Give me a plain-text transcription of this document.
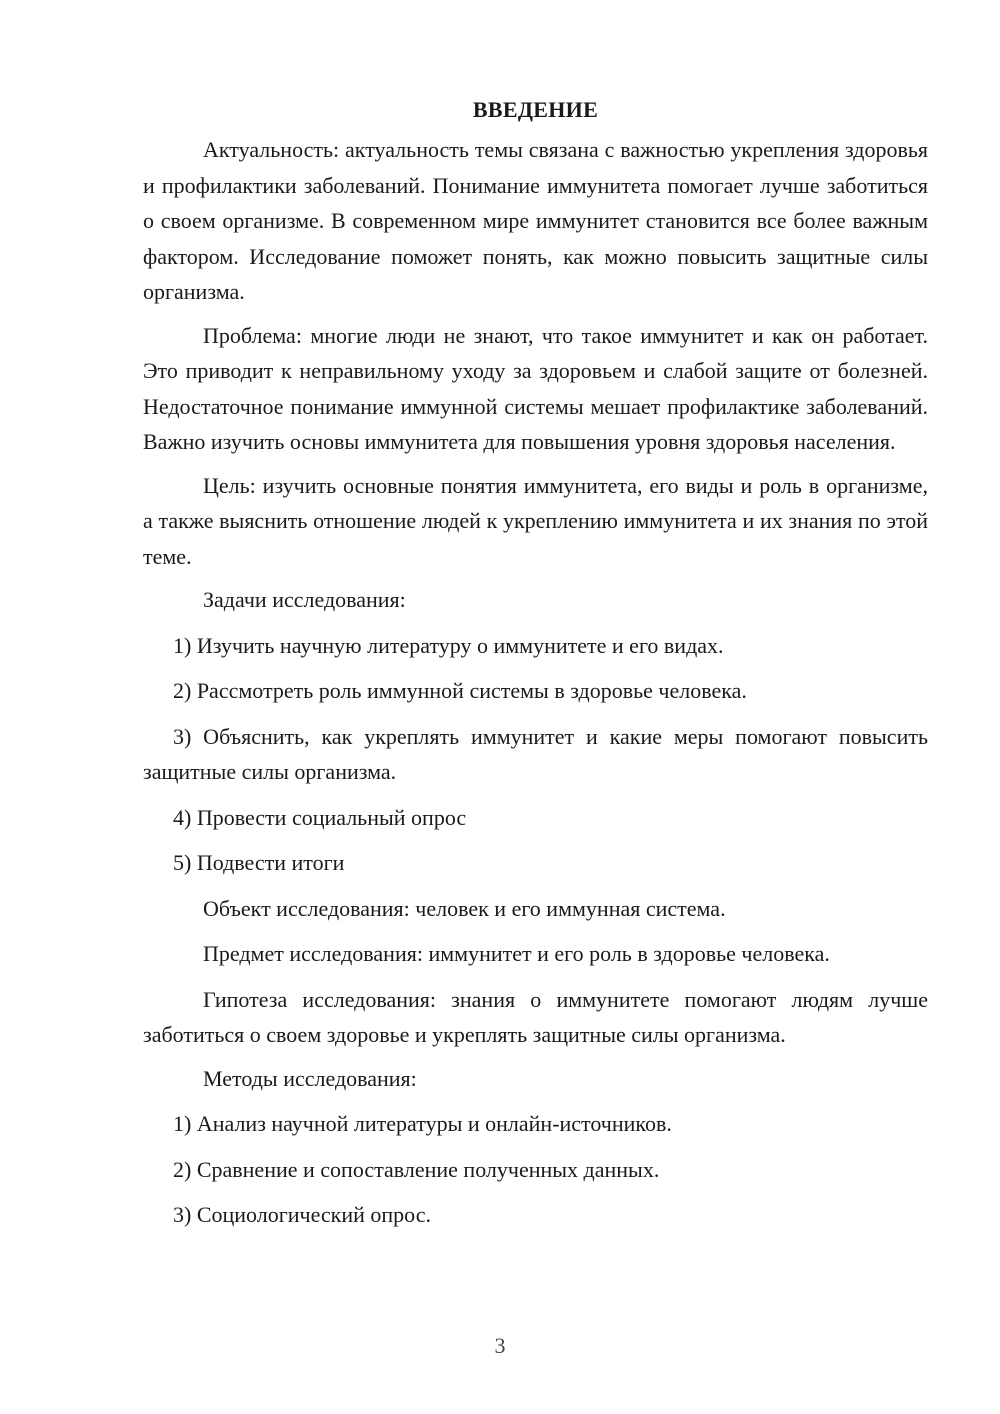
ВВЕДЕНИЕ

Актуальность: актуальность темы связана с важностью укрепления здоровья и профилактики заболеваний. Понимание иммунитета помогает лучше заботиться о своем организме. В современном мире иммунитет становится все более важным фактором. Исследование поможет понять, как можно повысить защитные силы организма.

Проблема: многие люди не знают, что такое иммунитет и как он работает. Это приводит к неправильному уходу за здоровьем и слабой защите от болезней. Недостаточное понимание иммунной системы мешает профилактике заболеваний. Важно изучить основы иммунитета для повышения уровня здоровья населения.

Цель: изучить основные понятия иммунитета, его виды и роль в организме, а также выяснить отношение людей к укреплению иммунитета и их знания по этой теме.

Задачи исследования:

1) Изучить научную литературу о иммунитете и его видах.

2) Рассмотреть роль иммунной системы в здоровье человека.

3) Объяснить, как укреплять иммунитет и какие меры помогают повысить защитные силы организма.

4) Провести социальный опрос

5) Подвести итоги

Объект исследования: человек и его иммунная система.

Предмет исследования: иммунитет и его роль в здоровье человека.

Гипотеза исследования: знания о иммунитете помогают людям лучше заботиться о своем здоровье и укреплять защитные силы организма.

Методы исследования:

1) Анализ научной литературы и онлайн-источников.

2) Сравнение и сопоставление полученных данных.

3) Социологический опрос.

3
